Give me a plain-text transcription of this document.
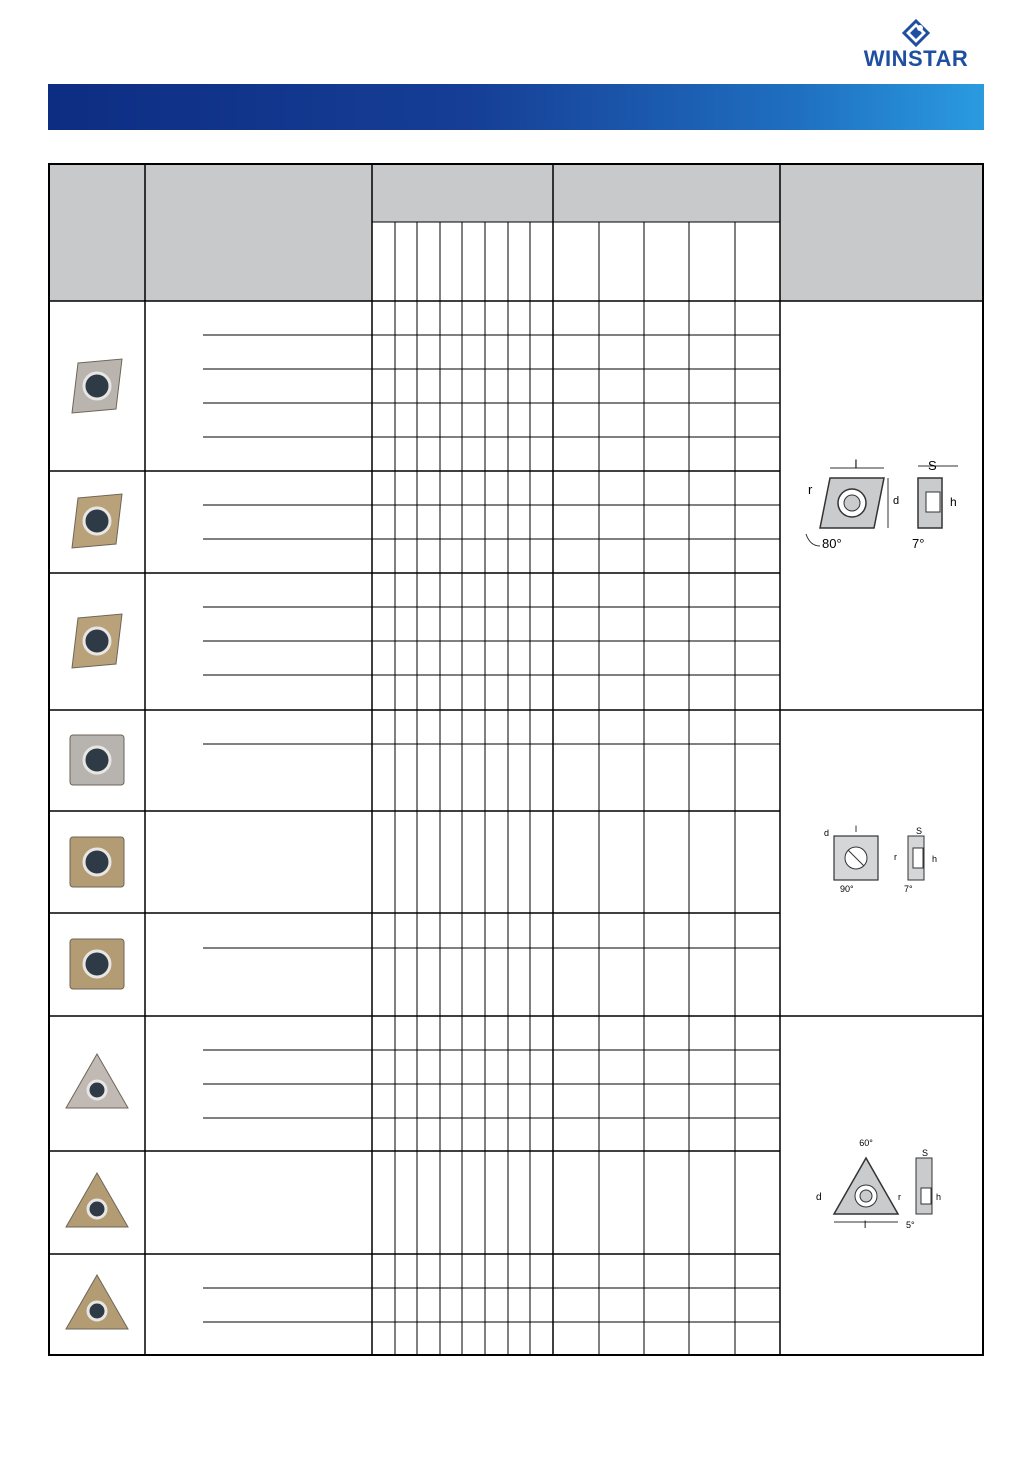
WINSTAR
l
r
d
80°
S
h
7°
d	l
r
90°
S
h
7°
60°
d
l
r
S
h
5°
